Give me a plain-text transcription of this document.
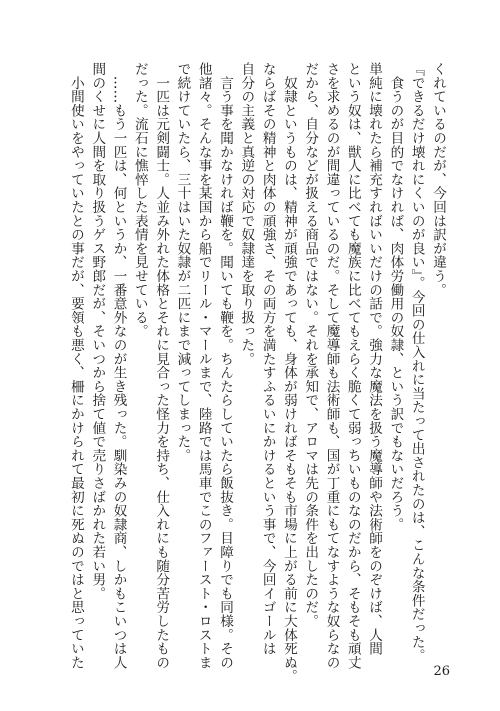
くれているのだが、今回は訳が違う。
『できるだけ壊れにくいのが良い』。今回の仕入れに当たって出されたのは、こんな条件だった。
　食うのが目的でなければ、肉体労働用の奴隷、という訳でもないだろう。
単純に壊れたら補充すればいいだけの話で。強力な魔法を扱う魔導師や法術師をのぞけば、人間
という奴は、獣人に比べても魔族に比べてもえらく脆くて弱っちいものなのだから、そもそも頑丈
さを求めるのが間違っているのだ。そして魔導師も法術師も、国が丁重にもてなすような奴らなの
だから、自分などが扱える商品ではない。それを承知で、アロマは先の条件を出したのだ。
　奴隷というものは、精神が頑強であっても、身体が弱ければそもそも市場に上がる前に大体死ぬ。
ならばその精神と肉体の頑強さ、その両方を満たすふるいにかけるという事で、今回イゴールは
自分の主義と真逆の対応で奴隷達を取り扱った。
　言う事を聞かなければ鞭を。聞いても鞭を。ちんたらしていたら飯抜き。目障りでも同様。その
他諸々。そんな事を某国から船でリール・マールまで、陸路では馬車でこのファースト・ロストま
で続けていたら、三十はいた奴隷が二匹にまで減ってしまった。
　一匹は元剣闘士。人並み外れた体格とそれに見合った怪力を持ち、仕入れにも随分苦労したもの
だった。流石に憔悴した表情を見せている。
　……もう一匹は、何というか、一番意外なのが生き残った。馴染みの奴隷商、しかもこいつは人
間のくせに人間を取り扱うゲス野郎だが、そいつから捨て値で売りさばかれた若い男。
　小間使いをやっていたとの事だが、要領も悪く、柵にかけられて最初に死ぬのではと思っていた
26
